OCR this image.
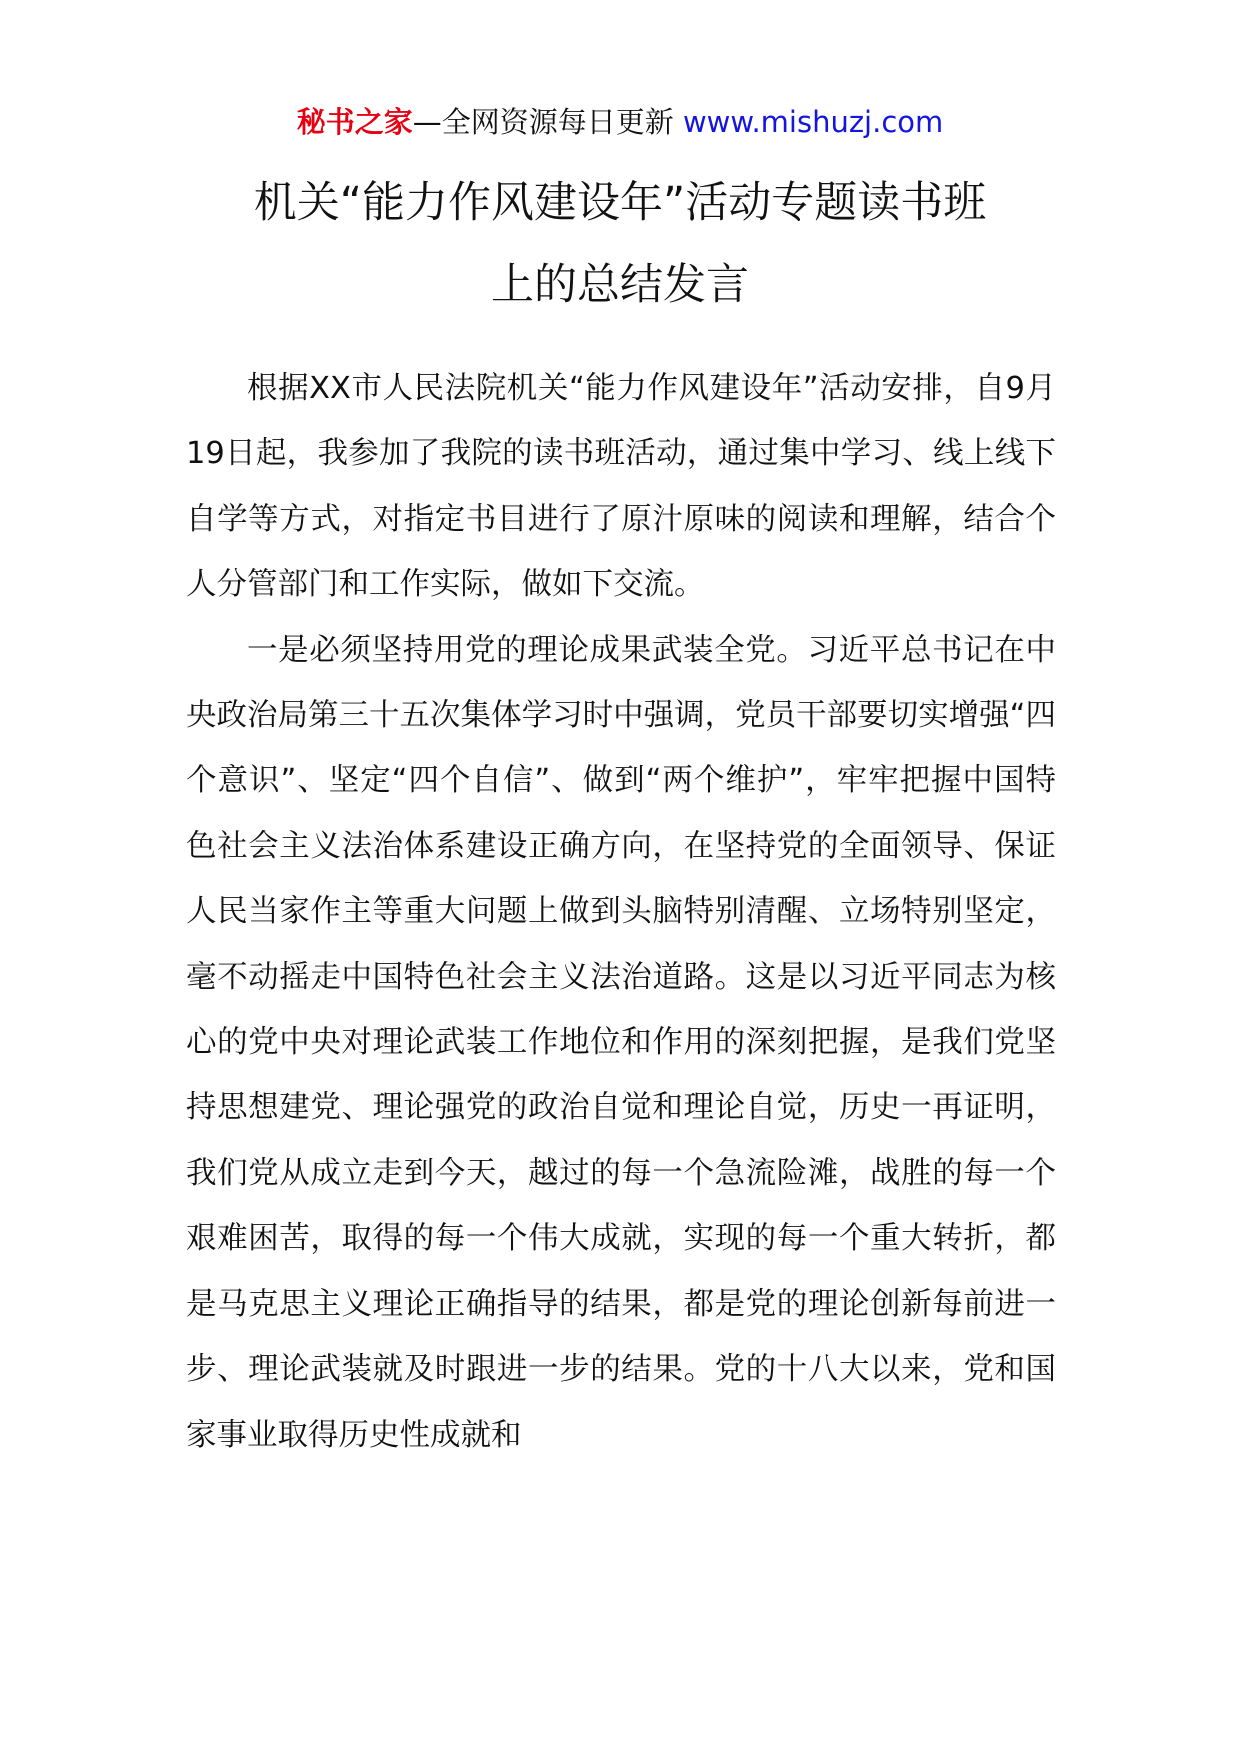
秘书之家—全网资源每日更新 www.mishuzj.com
机关“能力作风建设年”活动专题读书班
上的总结发言

根据XX市人民法院机关“能力作风建设年”活动安排，自9月19日起，我参加了我院的读书班活动，通过集中学习、线上线下自学等方式，对指定书目进行了原汁原味的阅读和理解，结合个人分管部门和工作实际，做如下交流。

一是必须坚持用党的理论成果武装全党。习近平总书记在中央政治局第三十五次集体学习时中强调，党员干部要切实增强“四个意识”、坚定“四个自信”、做到“两个维护”，牢牢把握中国特色社会主义法治体系建设正确方向，在坚持党的全面领导、保证人民当家作主等重大问题上做到头脑特别清醒、立场特别坚定，毫不动摇走中国特色社会主义法治道路。这是以习近平同志为核心的党中央对理论武装工作地位和作用的深刻把握，是我们党坚持思想建党、理论强党的政治自觉和理论自觉，历史一再证明，我们党从成立走到今天，越过的每一个急流险滩，战胜的每一个艰难困苦，取得的每一个伟大成就，实现的每一个重大转折，都是马克思主义理论正确指导的结果，都是党的理论创新每前进一步、理论武装就及时跟进一步的结果。党的十八大以来，党和国家事业取得历史性成就和
